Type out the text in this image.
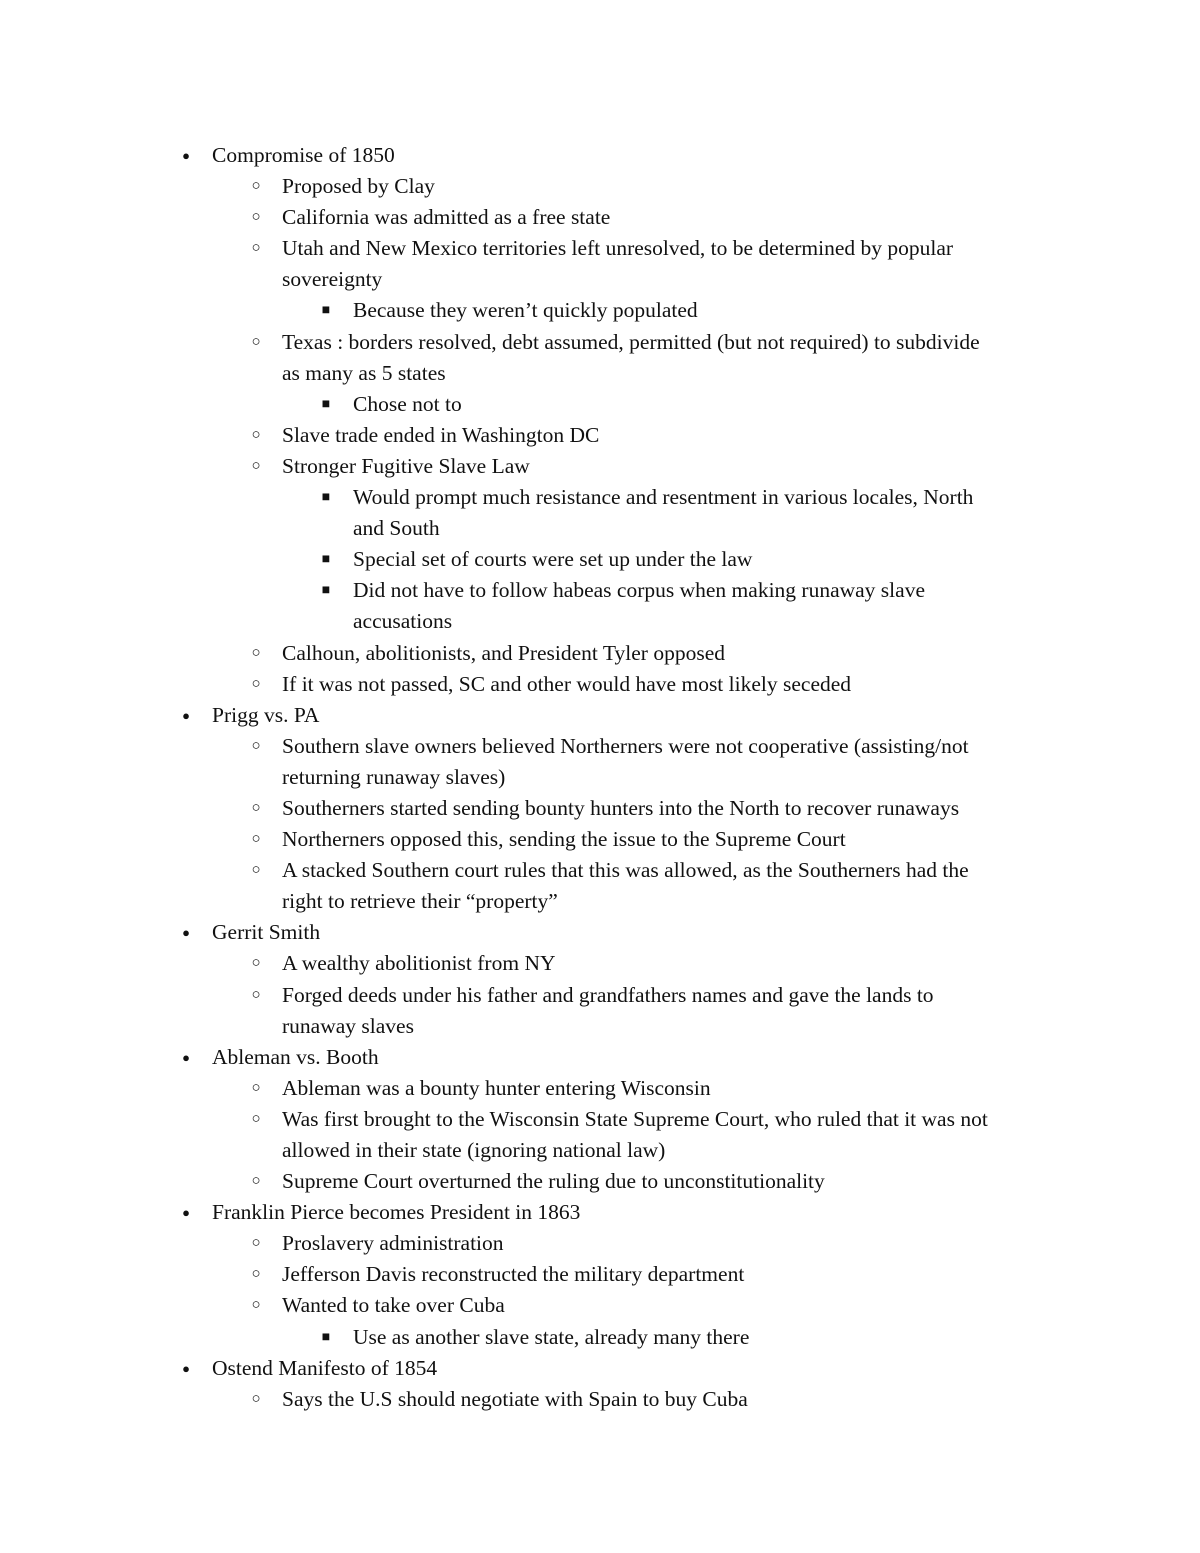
● Compromise of 1850
○ Proposed by Clay
○ California was admitted as a free state
○ Utah and New Mexico territories left unresolved, to be determined by popular
sovereignty
■ Because they weren’t quickly populated
○ Texas : borders resolved, debt assumed, permitted (but not required) to subdivide
as many as 5 states
■ Chose not to
○ Slave trade ended in Washington DC
○ Stronger Fugitive Slave Law
■ Would prompt much resistance and resentment in various locales, North
and South
■ Special set of courts were set up under the law
■ Did not have to follow habeas corpus when making runaway slave
accusations
○ Calhoun, abolitionists, and President Tyler opposed
○ If it was not passed, SC and other would have most likely seceded
● Prigg vs. PA
○ Southern slave owners believed Northerners were not cooperative (assisting/not
returning runaway slaves)
○ Southerners started sending bounty hunters into the North to recover runaways
○ Northerners opposed this, sending the issue to the Supreme Court
○ A stacked Southern court rules that this was allowed, as the Southerners had the
right to retrieve their “property”
● Gerrit Smith
○ A wealthy abolitionist from NY
○ Forged deeds under his father and grandfathers names and gave the lands to
runaway slaves
● Ableman vs. Booth
○ Ableman was a bounty hunter entering Wisconsin
○ Was first brought to the Wisconsin State Supreme Court, who ruled that it was not
allowed in their state (ignoring national law)
○ Supreme Court overturned the ruling due to unconstitutionality
● Franklin Pierce becomes President in 1863
○ Proslavery administration
○ Jefferson Davis reconstructed the military department
○ Wanted to take over Cuba
■ Use as another slave state, already many there
● Ostend Manifesto of 1854
○ Says the U.S should negotiate with Spain to buy Cuba
